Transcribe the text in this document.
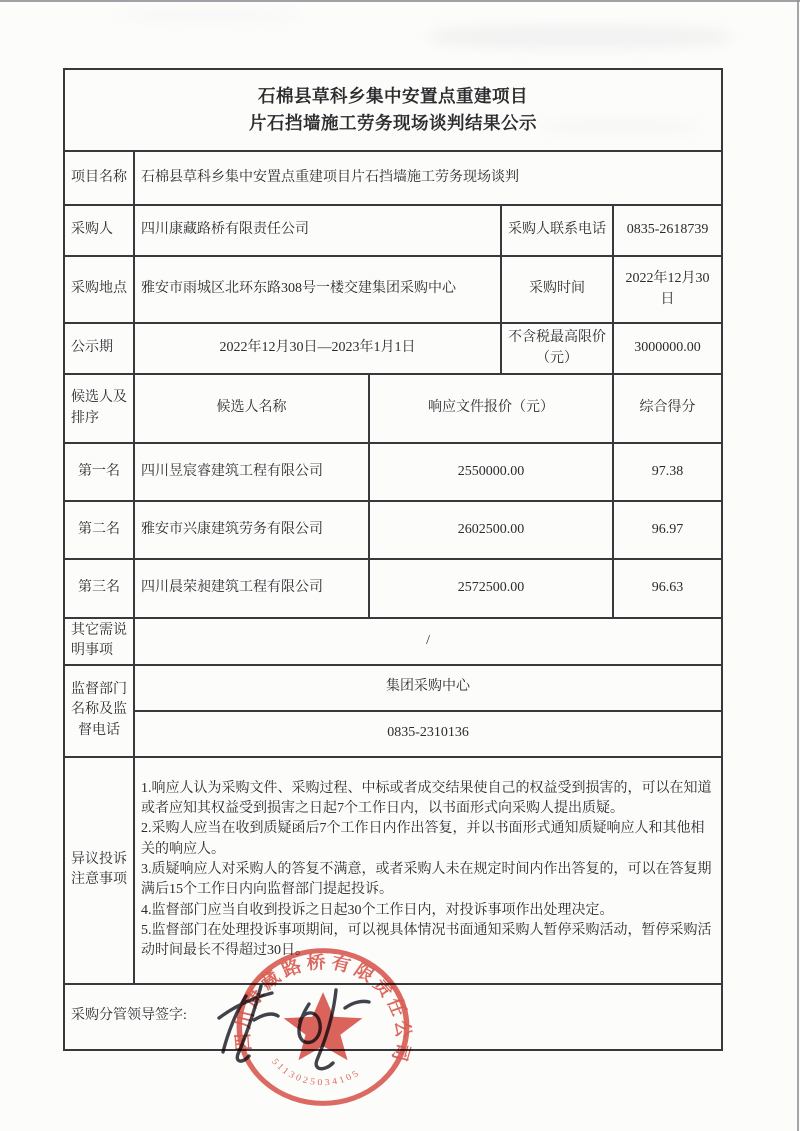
石棉县草科乡集中安置点重建项目
片石挡墙施工劳务现场谈判结果公示				

项目名称	石棉县草科乡集中安置点重建项目片石挡墙施工劳务现场谈判			
采购人	四川康藏路桥有限责任公司		采购人联系电话	0835-2618739
采购地点	雅安市雨城区北环东路308号一楼交建集团采购中心		采购时间	2022年12月30日
公示期	2022年12月30日—2023年1月1日		不含税最高限价（元）	3000000.00
候选人及排序	候选人名称	响应文件报价（元）		综合得分
第一名	四川昱宸睿建筑工程有限公司	2550000.00		97.38
第二名	雅安市兴康建筑劳务有限公司	2602500.00		96.97
第三名	四川晨荣昶建筑工程有限公司	2572500.00		96.63
其它需说明事项	/			
监督部门名称及监督电话	集团采购中心			
	0835-2310136			
异议投诉注意事项	1.响应人认为采购文件、采购过程、中标或者成交结果使自己的权益受到损害的，可以在知道或者应知其权益受到损害之日起7个工作日内，以书面形式向采购人提出质疑。

2.采购人应当在收到质疑函后7个工作日内作出答复，并以书面形式通知质疑响应人和其他相关的响应人。

3.质疑响应人对采购人的答复不满意，或者采购人未在规定时间内作出答复的，可以在答复期满后15个工作日内向监督部门提起投诉。

4.监督部门应当自收到投诉之日起30个工作日内，对投诉事项作出处理决定。

5.监督部门在处理投诉事项期间，可以视具体情况书面通知采购人暂停采购活动，暂停采购活动时间最长不得超过30日。			

采购分管领导签字:				
四川康藏路桥有限责任公司
5113025034105
